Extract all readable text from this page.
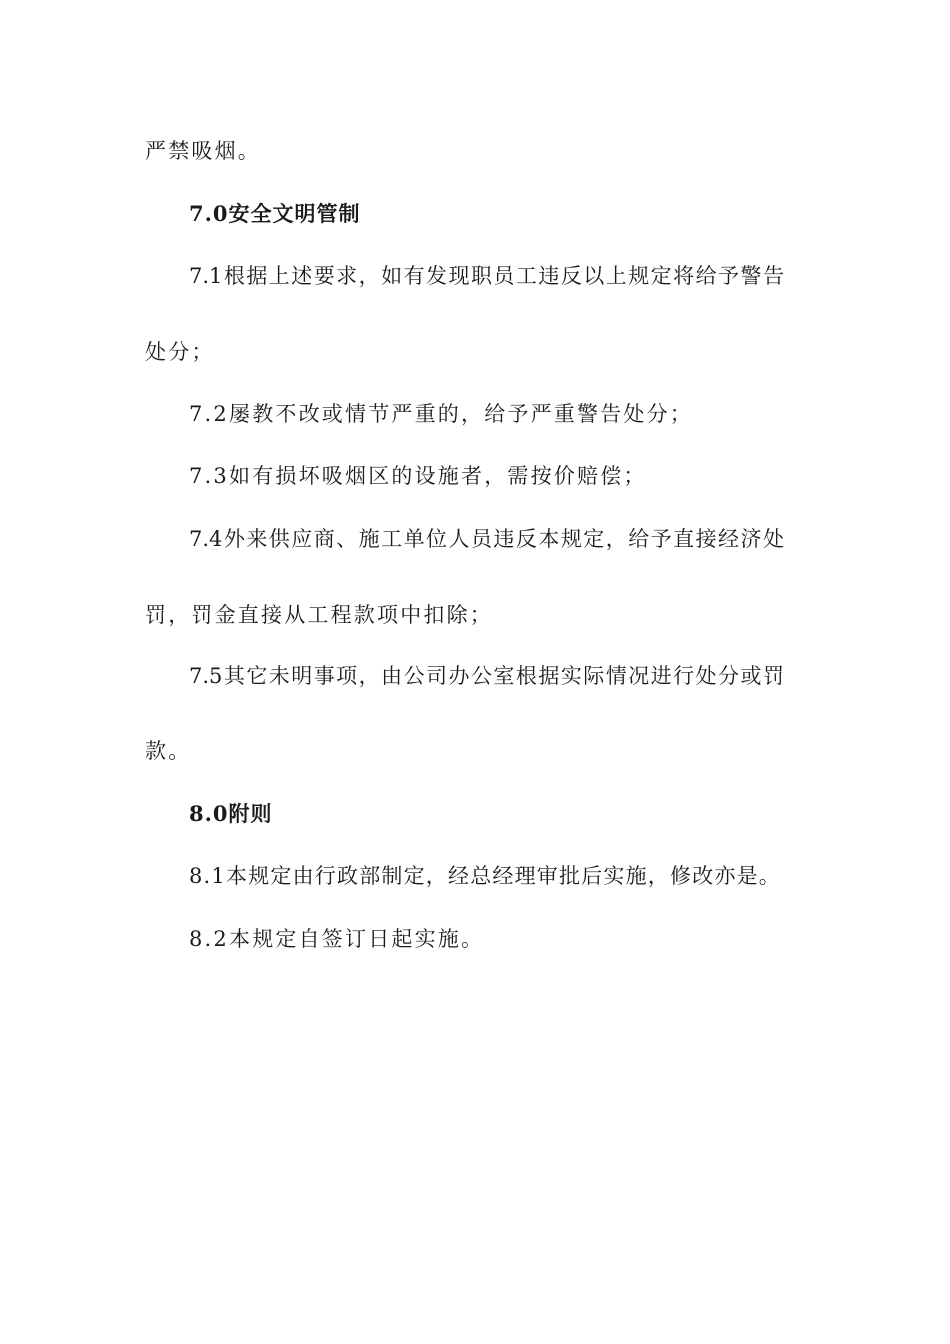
严禁吸烟。
7.0安全文明管制
7.1根据上述要求，如有发现职员工违反以上规定将给予警告
处分；
7.2屡教不改或情节严重的，给予严重警告处分；
7.3如有损坏吸烟区的设施者，需按价赔偿；
7.4外来供应商、施工单位人员违反本规定，给予直接经济处
罚，罚金直接从工程款项中扣除；
7.5其它未明事项，由公司办公室根据实际情况进行处分或罚
款。
8.0附则
8.1本规定由行政部制定，经总经理审批后实施，修改亦是。
8.2本规定自签订日起实施。
